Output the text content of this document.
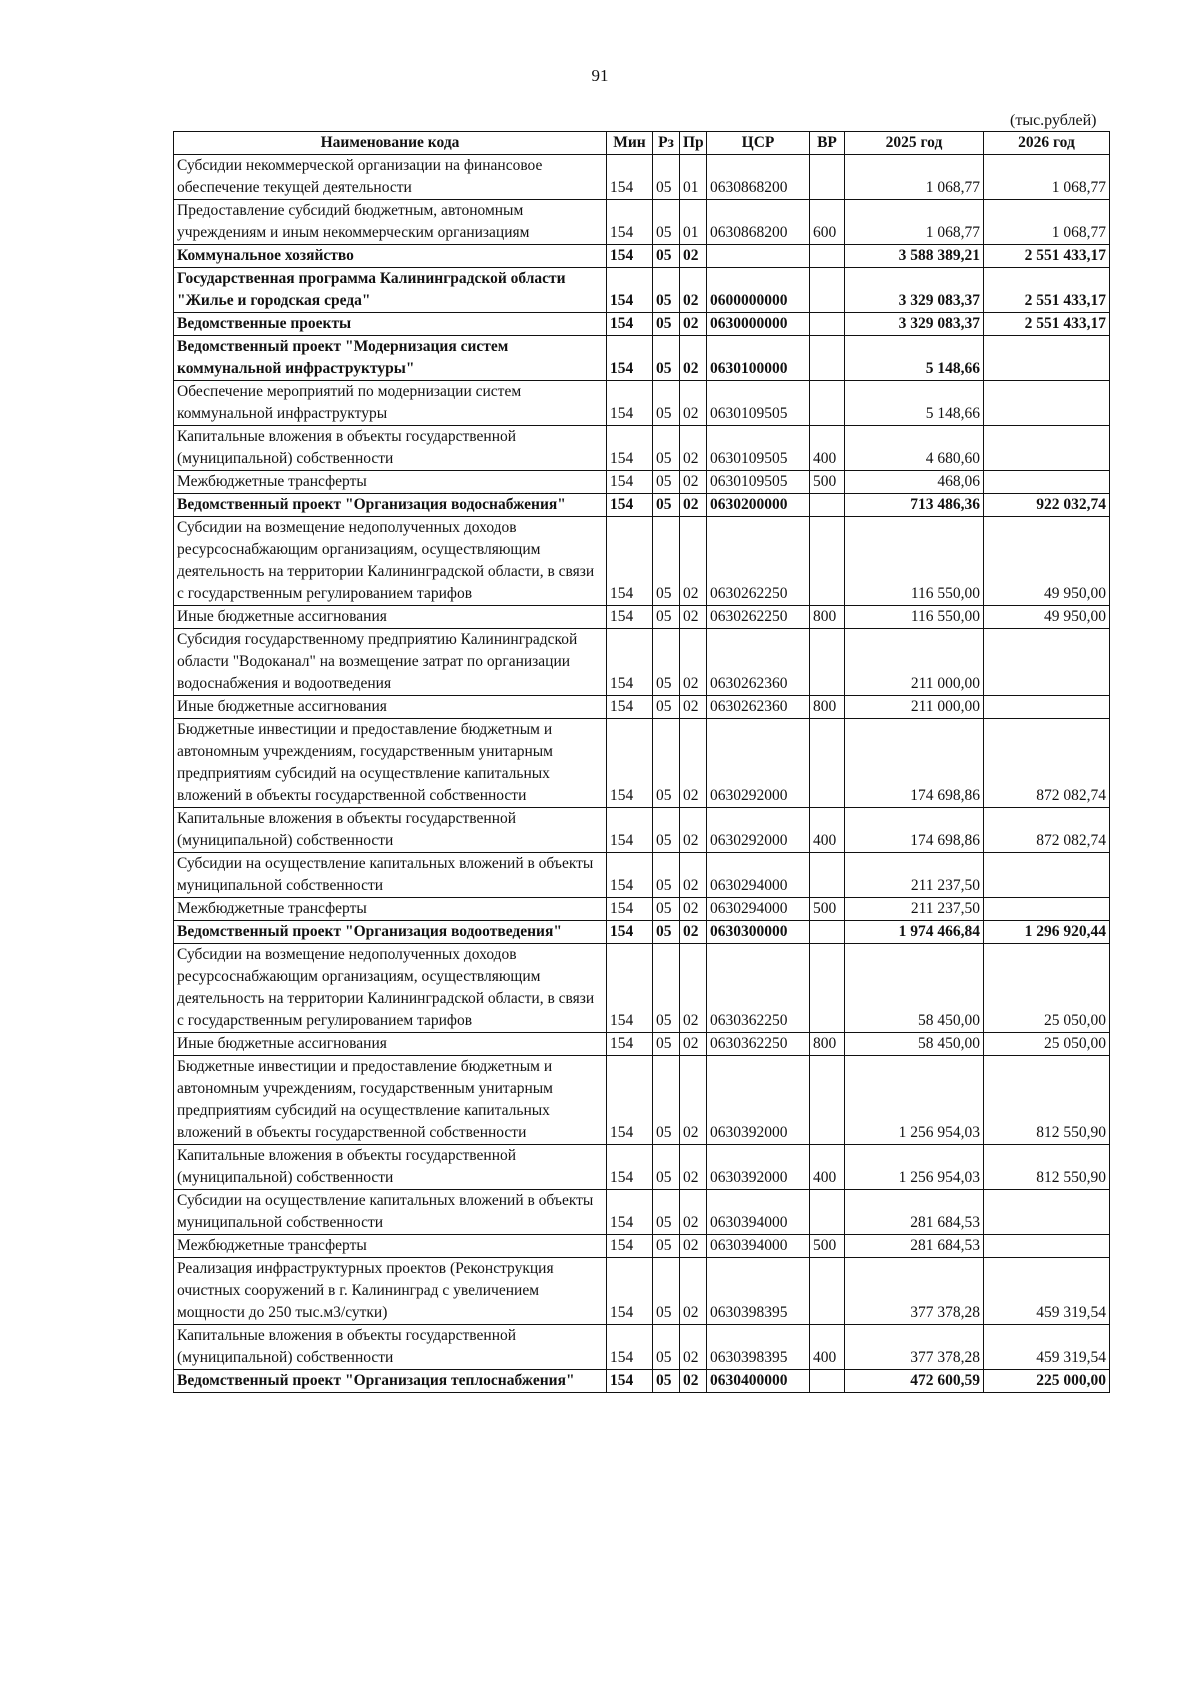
91
(тыс.рублей)
Наименование кода	Мин	Рз	Пр	ЦСР	ВР	2025 год	2026 год
Субсидии некоммерческой организации на финансовое обеспечение текущей деятельности	154	05	01	0630868200		1 068,77	1 068,77
Предоставление субсидий бюджетным, автономным учреждениям и иным некоммерческим организациям	154	05	01	0630868200	600	1 068,77	1 068,77
Коммунальное хозяйство	154	05	02			3 588 389,21	2 551 433,17
Государственная программа Калининградской области "Жилье и городская среда"	154	05	02	0600000000		3 329 083,37	2 551 433,17
Ведомственные проекты	154	05	02	0630000000		3 329 083,37	2 551 433,17
Ведомственный проект "Модернизация систем коммунальной инфраструктуры"	154	05	02	0630100000		5 148,66	
Обеспечение мероприятий по модернизации систем коммунальной инфраструктуры	154	05	02	0630109505		5 148,66	
Капитальные вложения в объекты государственной (муниципальной) собственности	154	05	02	0630109505	400	4 680,60	
Межбюджетные трансферты	154	05	02	0630109505	500	468,06	
Ведомственный проект "Организация водоснабжения"	154	05	02	0630200000		713 486,36	922 032,74
Субсидии на возмещение недополученных доходов ресурсоснабжающим организациям, осуществляющим деятельность на территории Калининградской области, в связи с государственным регулированием тарифов	154	05	02	0630262250		116 550,00	49 950,00
Иные бюджетные ассигнования	154	05	02	0630262250	800	116 550,00	49 950,00
Субсидия государственному предприятию Калининградской области "Водоканал" на возмещение затрат по организации водоснабжения и водоотведения	154	05	02	0630262360		211 000,00	
Иные бюджетные ассигнования	154	05	02	0630262360	800	211 000,00	
Бюджетные инвестиции и предоставление бюджетным и автономным учреждениям, государственным унитарным предприятиям субсидий на осуществление капитальных вложений в объекты государственной собственности	154	05	02	0630292000		174 698,86	872 082,74
Капитальные вложения в объекты государственной (муниципальной) собственности	154	05	02	0630292000	400	174 698,86	872 082,74
Субсидии на осуществление капитальных вложений в объекты муниципальной собственности	154	05	02	0630294000		211 237,50	
Межбюджетные трансферты	154	05	02	0630294000	500	211 237,50	
Ведомственный проект "Организация водоотведения"	154	05	02	0630300000		1 974 466,84	1 296 920,44
Субсидии на возмещение недополученных доходов ресурсоснабжающим организациям, осуществляющим деятельность на территории Калининградской области, в связи с государственным регулированием тарифов	154	05	02	0630362250		58 450,00	25 050,00
Иные бюджетные ассигнования	154	05	02	0630362250	800	58 450,00	25 050,00
Бюджетные инвестиции и предоставление бюджетным и автономным учреждениям, государственным унитарным предприятиям субсидий на осуществление капитальных вложений в объекты государственной собственности	154	05	02	0630392000		1 256 954,03	812 550,90
Капитальные вложения в объекты государственной (муниципальной) собственности	154	05	02	0630392000	400	1 256 954,03	812 550,90
Субсидии на осуществление капитальных вложений в объекты муниципальной собственности	154	05	02	0630394000		281 684,53	
Межбюджетные трансферты	154	05	02	0630394000	500	281 684,53	
Реализация инфраструктурных проектов (Реконструкция очистных сооружений в г. Калининград с увеличением мощности до 250 тыс.м3/сутки)	154	05	02	0630398395		377 378,28	459 319,54
Капитальные вложения в объекты государственной (муниципальной) собственности	154	05	02	0630398395	400	377 378,28	459 319,54
Ведомственный проект "Организация теплоснабжения"	154	05	02	0630400000		472 600,59	225 000,00
